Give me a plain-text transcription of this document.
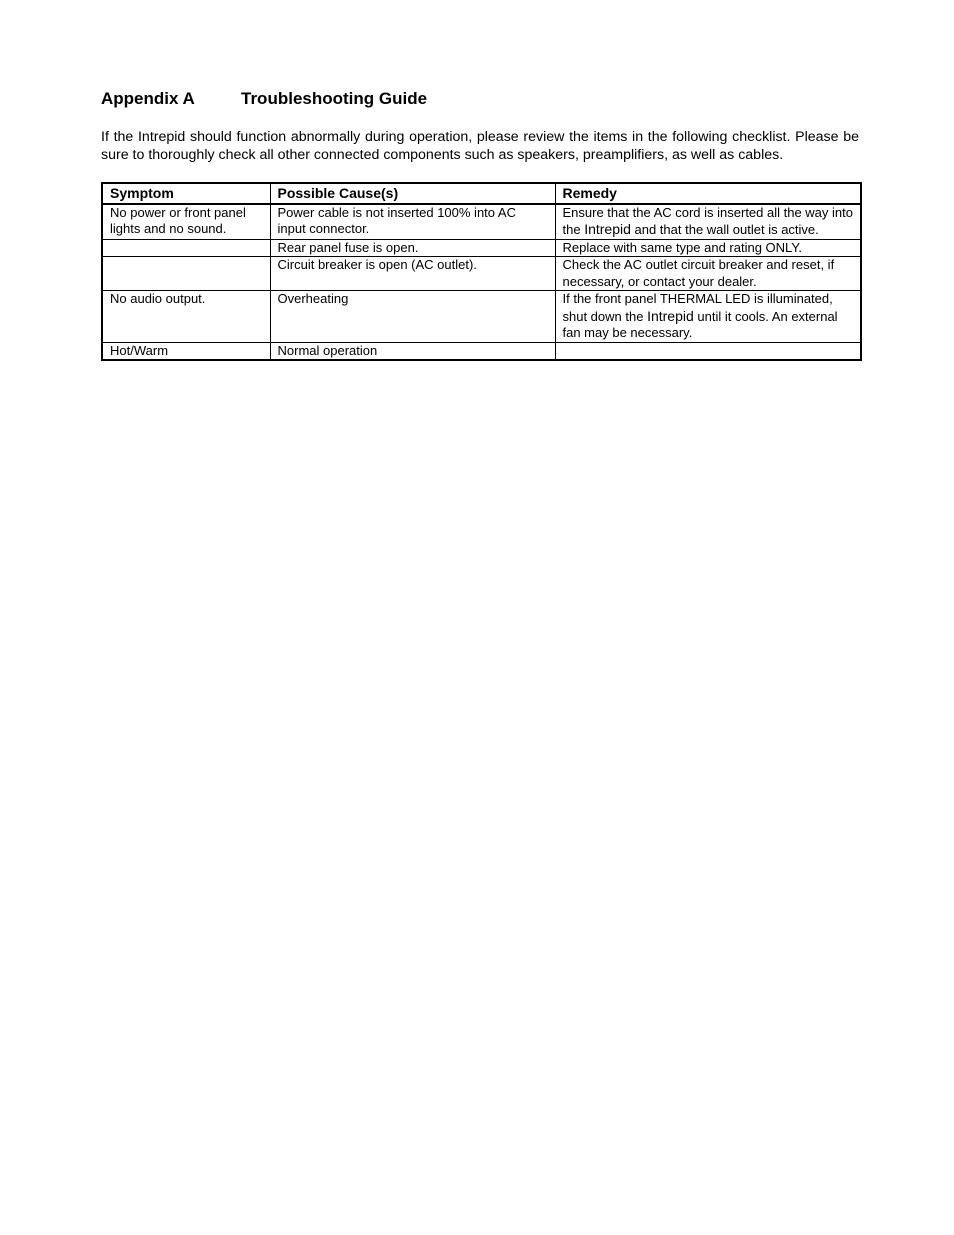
Appendix A	Troubleshooting Guide

If the Intrepid should function abnormally during operation, please review the items in the following checklist. Please be sure to thoroughly check all other connected components such as speakers, preamplifiers, as well as cables.

Symptom	Possible Cause(s)	Remedy
No power or front panel lights and no sound.	Power cable is not inserted 100% into AC input connector.	Ensure that the AC cord is inserted all the way into the Intrepid and that the wall outlet is active.
	Rear panel fuse is open.	Replace with same type and rating ONLY.
	Circuit breaker is open (AC outlet).	Check the AC outlet circuit breaker and reset, if necessary, or contact your dealer.
No audio output.	Overheating	If the front panel THERMAL LED is illuminated, shut down the Intrepid until it cools. An external fan may be necessary.
Hot/Warm	Normal operation	
